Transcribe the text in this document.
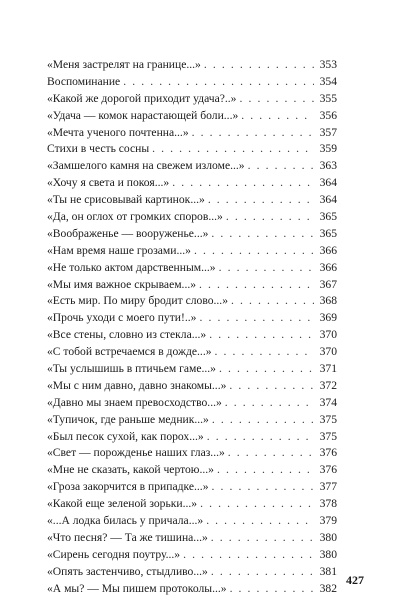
«Меня застрелят на границе...» . . .	353
Воспоминание . . .	354
«Какой же дорогой приходит удача?..» . . .	355
«Удача — комок нарастающей боли...» . . .	356
«Мечта ученого почтенна...» . . .	357
Стихи в честь сосны . . .	359
«Замшелого камня на свежем изломе...» . . .	363
«Хочу я света и покоя...» . . .	364
«Ты не срисовывай картинок...» . . .	364
«Да, он оглох от громких споров...» . . .	365
«Воображенье — вооруженье...» . . .	365
«Нам время наше грозами...» . . .	366
«Не только актом дарственным...» . . .	366
«Мы имя важное скрываем...» . . .	367
«Есть мир. По миру бродит слово...» . . .	368
«Прочь уходи с моего пути!..» . . .	369
«Все стены, словно из стекла...» . . .	370
«С тобой встречаемся в дожде...» . . .	370
«Ты услышишь в птичьем гаме...» . . .	371
«Мы с ним давно, давно знакомы...» . . .	372
«Давно мы знаем превосходство...» . . .	374
«Тупичок, где раньше медник...» . . .	375
«Был песок сухой, как порох...» . . .	375
«Свет — порожденье наших глаз...» . . .	376
«Мне не сказать, какой чертою...» . . .	376
«Гроза закорчится в припадке...» . . .	377
«Какой еще зеленой зорьки...» . . .	378
«...А лодка билась у причала...» . . .	379
«Что песня? — Та же тишина...» . . .	380
«Сирень сегодня поутру...» . . .	380
«Опять застенчиво, стыдливо...» . . .	381
«А мы? — Мы пишем протоколы...» . . .	382
427
